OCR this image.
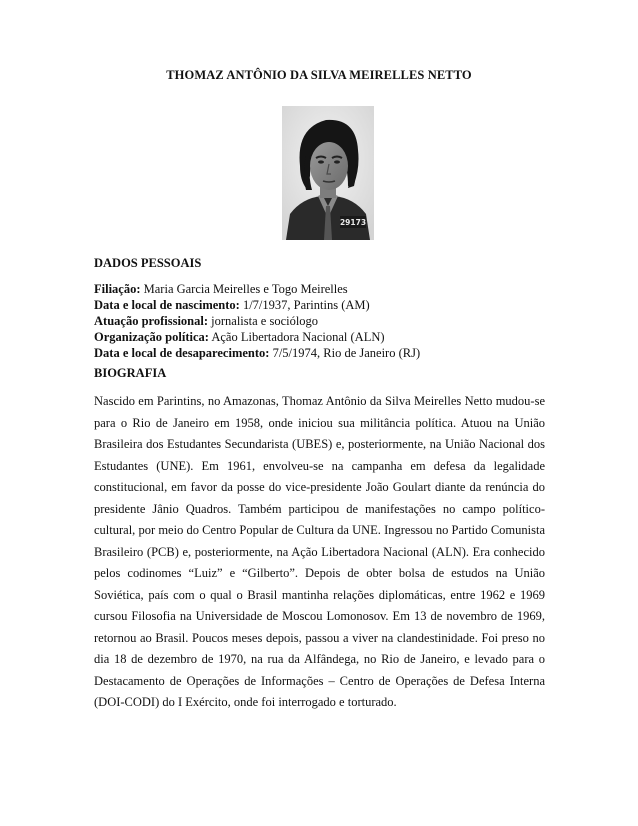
THOMAZ ANTÔNIO DA SILVA MEIRELLES NETTO
29173
DADOS PESSOAIS
Filiação: Maria Garcia Meirelles e Togo Meirelles
Data e local de nascimento: 1/7/1937, Parintins (AM)
Atuação profissional: jornalista e sociólogo
Organização política: Ação Libertadora Nacional (ALN)
Data e local de desaparecimento: 7/5/1974, Rio de Janeiro (RJ)
BIOGRAFIA

Nascido em Parintins, no Amazonas, Thomaz Antônio da Silva Meirelles Netto mudou-se para o Rio de Janeiro em 1958, onde iniciou sua militância política. Atuou na União Brasileira dos Estudantes Secundarista (UBES) e, posteriormente, na União Nacional dos Estudantes (UNE). Em 1961, envolveu-se na campanha em defesa da legalidade constitucional, em favor da posse do vice-presidente João Goulart diante da renúncia do presidente Jânio Quadros. Também participou de manifestações no campo político-cultural, por meio do Centro Popular de Cultura da UNE. Ingressou no Partido Comunista Brasileiro (PCB) e, posteriormente, na Ação Libertadora Nacional (ALN). Era conhecido pelos codinomes “Luiz” e “Gilberto”. Depois de obter bolsa de estudos na União Soviética, país com o qual o Brasil mantinha relações diplomáticas, entre 1962 e 1969 cursou Filosofia na Universidade de Moscou Lomonosov. Em 13 de novembro de 1969, retornou ao Brasil. Poucos meses depois, passou a viver na clandestinidade. Foi preso no dia 18 de dezembro de 1970, na rua da Alfândega, no Rio de Janeiro, e levado para o Destacamento de Operações de Informações – Centro de Operações de Defesa Interna (DOI-CODI) do I Exército, onde foi interrogado e torturado.
